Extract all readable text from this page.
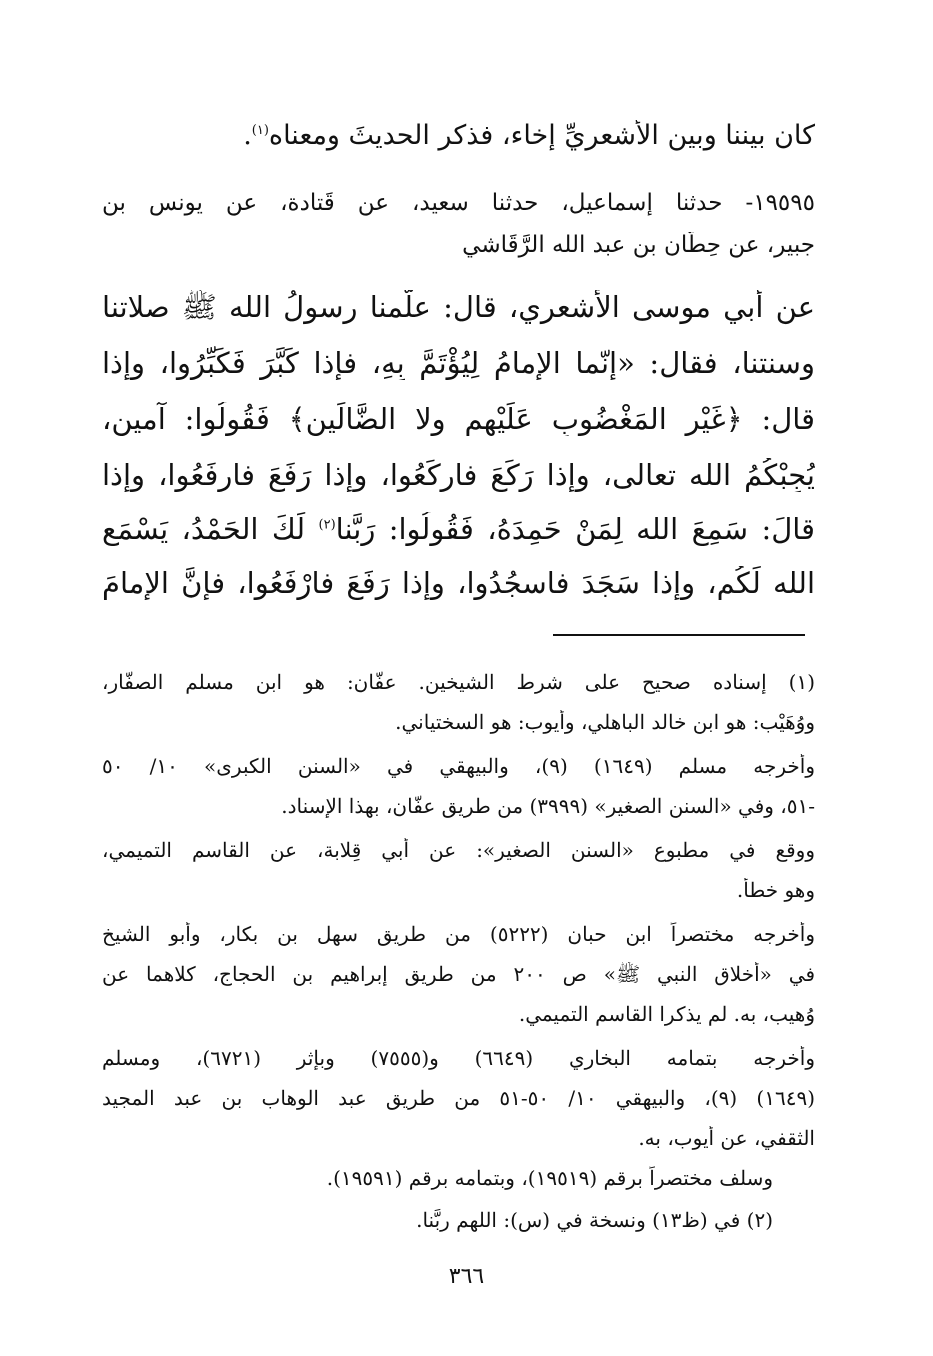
كان بيننا وبين الأشعريِّ إخاء، فذكر الحديثَ ومعناه$^{(١)}$.
١٩٥٩٥- حدثنا إسماعيل، حدثنا سعيد، عن قَتادة، عن يونس بن
جبير، عن حِطّان بن عبد الله الرَّقَاشي
عن أبي موسى الأشعري، قال: علّمنا رسولُ الله ﷺ صلاتنا
وسنتنا، فقال: «إنّما الإمامُ لِيُؤْتَمَّ بِهِ، فإذا كَبَّرَ فَكَبِّرُوا، وإذا
قال: ﴿غَيْرِ المَغْضُوبِ عَلَيْهِم ولا الضَّالِّين﴾ فَقُولُوا: آمين،
يُجِبْكُمُ الله تعالى، وإذا رَكَعَ فاركَعُوا، وإذا رَفَعَ فارفَعُوا، وإذا
قالَ: سَمِعَ الله لِمَنْ حَمِدَهُ، فَقُولُوا: رَبَّنا$^{(٢)}$ لَكَ الحَمْدُ، يَسْمَعِ
الله لَكُم، وإذا سَجَدَ فاسجُدُوا، وإذا رَفَعَ فارْفَعُوا، فإِنَّ الإمامَ
(١) إسناده صحيح على شرط الشيخين. عفّان: هو ابن مسلم الصفّار،
ووُهَيْب: هو ابن خالد الباهلي، وأيوب: هو السختياني.
وأخرجه مسلم (١٦٤٩) (٩)، والبيهقي في «السنن الكبرى» ١٠/ ٥٠
-٥١، وفي «السنن الصغير» (٣٩٩٩) من طريق عفّان، بهذا الإسناد.
ووقع في مطبوع «السنن الصغير»: عن أبي قِلابة، عن القاسم التميمي،
وهو خطأ.
وأخرجه مختصراً ابن حبان (٥٢٢٢) من طريق سهل بن بكار، وأبو الشيخ
في «أخلاق النبي ﷺ» ص ٢٠٠ من طريق إبراهيم بن الحجاج، كلاهما عن
وُهيب، به. لم يذكرا القاسم التميمي.
وأخرجه بتمامه البخاري (٦٦٤٩) و(٧٥٥٥) وبإثر (٦٧٢١)، ومسلم
(١٦٤٩) (٩)، والبيهقي ١٠/ ٥٠-٥١ من طريق عبد الوهاب بن عبد المجيد
الثقفي، عن أيوب، به.
وسلف مختصراً برقم (١٩٥١٩)، وبتمامه برقم (١٩٥٩١).
(٢) في (ظ١٣) ونسخة في (س): اللهم ربَّنا.
٣٦٦
